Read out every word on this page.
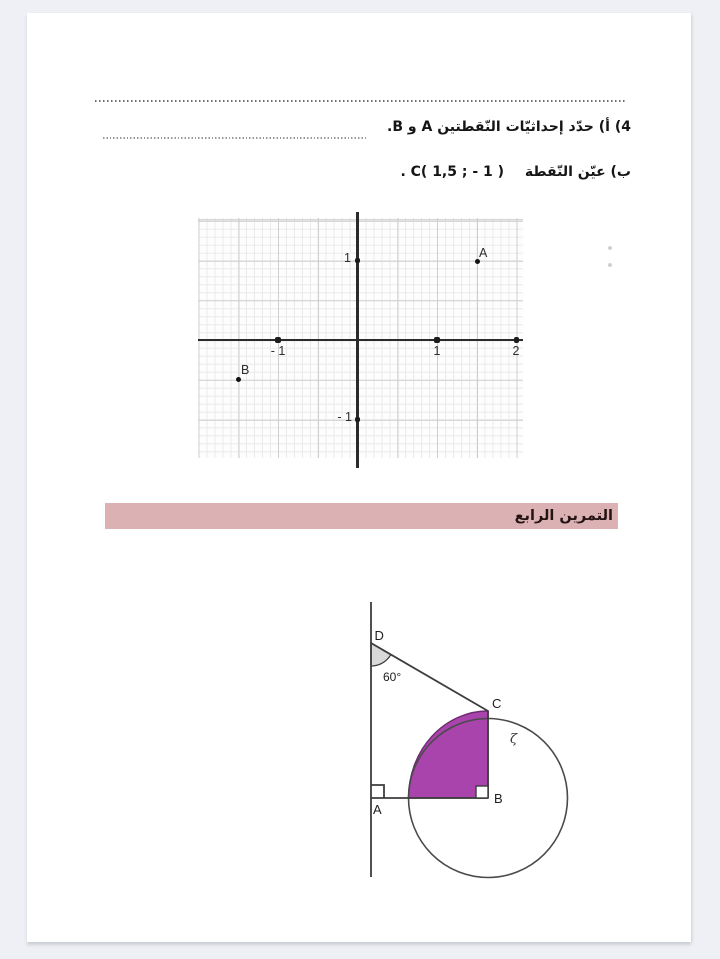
4) أ) حدّد إحداثيّات النّقطتين A و B.
ب) عيّن النّقطة . C( 1,5 ; - 1 )
1
- 1
- 1	1	2
A
B
التمرين الرابع
D
60°
C
ζ
B
A
